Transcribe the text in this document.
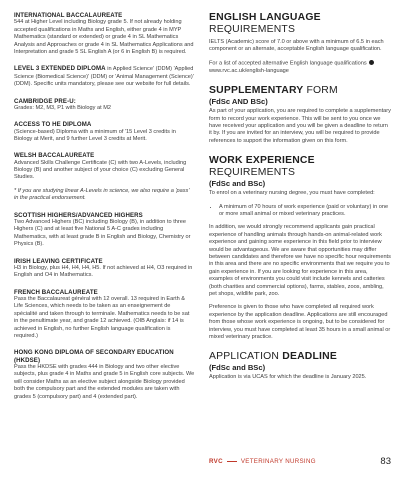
INTERNATIONAL BACCALAUREATE

544 at Higher Level including Biology grade 5. If not already holding accepted qualifications in Maths and English, either grade 4 in MYP Mathematics (standard or extended) or grade 4 in SL Mathematics Analysis and Approaches or grade 4 in SL Mathematics Applications and Interpretation and grade 5 SL English A (or 6 in English B) is required.

LEVEL 3 EXTENDED DIPLOMA in Applied Science' (DDM) 'Applied Science (Biomedical Science)' (DDM) or 'Animal Management (Science)' (DDM). Specific units mandatory, please see our website for full details.

CAMBRIDGE PRE-U:

Grades: M2, M3, P1 with Biology at M2

ACCESS TO HE DIPLOMA

(Science-based) Diploma with a minimum of '15 Level 3 credits in Biology at Merit, and 9 further Level 3 credits at Merit.

WELSH BACCALAUREATE

Advanced Skills Challenge Certificate (C) with two A-Levels, including Biology (B) and another subject of your choice (C) excluding General Studies.

* If you are studying linear A-Levels in science, we also require a 'pass' in the practical endorsement.

SCOTTISH HIGHERS/ADVANCED HIGHERS

Two Advanced Highers (BC) including Biology (B), in addition to three Highers (C) and at least five National 5 A-C grades including Mathematics, with at least grade B in English and Biology, Chemistry or Physics (B).

IRISH LEAVING CERTIFICATE

H3 in Biology, plus H4, H4, H4, H5. If not achieved at H4, O3 required in English and O4 in Mathematics.

FRENCH BACCALAUREATE

Pass the Baccalaureat général with 12 overall. 13 required in Earth & Life Sciences, which needs to be taken as an enseignement de spécialité and taken through to terminale. Mathematics needs to be sat in the penultimate year, and grade 12 achieved. (OIB Anglais: if 14 is achieved in English, no further English language qualification is required.)

HONG KONG DIPLOMA OF SECONDARY EDUCATION (HKDSE)

Pass the HKDSE with grades 444 in Biology and two other elective subjects, plus grade 4 in Maths and grade 5 in English core subjects. We will consider Maths as an elective subject alongside Biology provided both the compulsory part and the extended modules are taken with grades 5 (compulsory part) and 4 (extended part).

ENGLISH LANGUAGE REQUIREMENTS

IELTS (Academic) score of 7.0 or above with a minimum of 6.5 in each component or an alternate, acceptable English language qualification.

For a list of accepted alternative English language qualifications  www.rvc.ac.uk/english-language

SUPPLEMENTARY FORM

(FdSc AND BSc)

As part of your application, you are required to complete a supplementary form to record your work experience. This will be sent to you once we have received your application and you will be given a deadline to return it by. If you are invited for an interview, you will be required to provide references to support the information given on this form.

WORK EXPERIENCE REQUIREMENTS

(FdSc and BSc)

To enrol on a veterinary nursing degree, you must have completed:

• A minimum of 70 hours of work experience (paid or voluntary) in one or more small animal or mixed veterinary practices.

In addition, we would strongly recommend applicants gain practical experience of handling animals through hands-on animal-related work experience and gaining some experience in this field prior to interview would be advantageous. We are aware that opportunities may differ between candidates and therefore we have no specific hour requirements in this area and there are no specific environments that we require you to gain experience in. If you are looking for experience in this area, examples of environments you could visit include kennels and catteries (both charities and commercial options), farms, stables, zoos, ambling, pet shops, wildlife park, zoo.

Preference is given to those who have completed all required work experience by the application deadline. Applications are still encouraged from those whose work experience is ongoing, but to be considered for interview, you must have completed at least 35 hours in a small animal or mixed veterinary practice.

APPLICATION DEADLINE

(FdSc and BSc)

Application is via UCAS for which the deadline is January 2025.

RVC	VETERINARY NURSING	83
